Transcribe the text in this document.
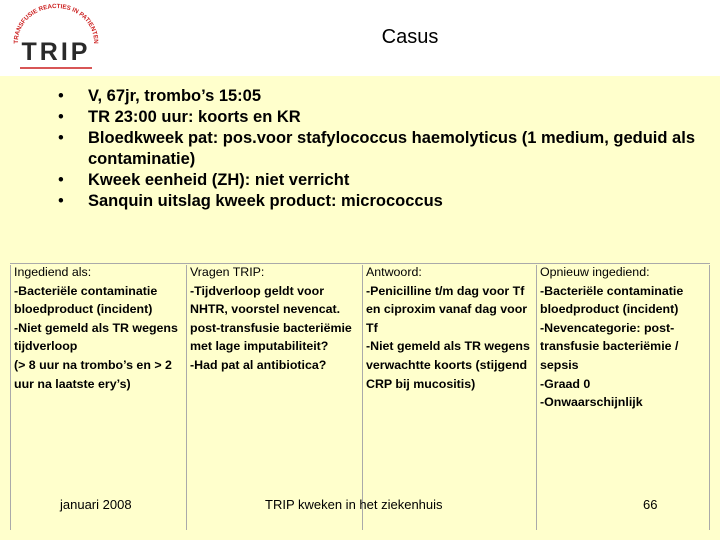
TRANSFUSIE REACTIES IN PATIENTEN
TRIP
Casus
• V, 67jr, trombo’s 15:05
• TR 23:00 uur: koorts en KR
• Bloedkweek pat: pos.voor stafylococcus haemolyticus (1 medium, geduid als contaminatie)
• Kweek eenheid (ZH): niet verricht
• Sanquin uitslag kweek product: micrococcus

Ingediend als:

-Bacteriële contaminatie bloedproduct (incident)

-Niet gemeld als TR wegens tijdverloop

(> 8 uur na trombo’s en > 2 uur na laatste ery’s)

Vragen TRIP:

-Tijdverloop geldt voor NHTR, voorstel nevencat. post-transfusie bacteriëmie met lage imputabiliteit?

-Had pat al antibiotica?

Antwoord:

-Penicilline t/m dag voor Tf en ciproxim vanaf dag voor Tf

-Niet gemeld als TR wegens verwachtte koorts (stijgend CRP bij mucositis)

Opnieuw ingediend:

-Bacteriële contaminatie bloedproduct (incident)

-Nevencategorie: post-transfusie bacteriëmie / sepsis

-Graad 0

-Onwaarschijnlijk

januari 2008	TRIP kweken in het ziekenhuis	66
